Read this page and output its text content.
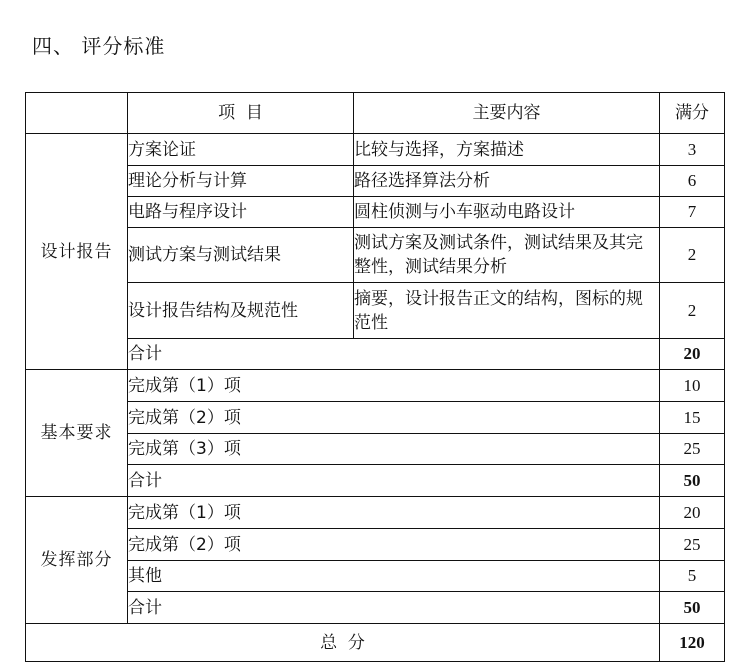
四、 评分标准
	项  目	主要内容	满分
设计报告	方案论证	比较与选择，方案描述	3
	理论分析与计算	路径选择算法分析	6
	电路与程序设计	圆柱侦测与小车驱动电路设计	7
	测试方案与测试结果	测试方案及测试条件，测试结果及其完整性，测试结果分析	2
	设计报告结构及规范性	摘要，设计报告正文的结构，图标的规范性	2
	合计		20
基本要求	完成第（1）项		10
	完成第（2）项		15
	完成第（3）项		25
	合计		50
发挥部分	完成第（1）项		20
	完成第（2）项		25
	其他		5
	合计		50
总  分			120
